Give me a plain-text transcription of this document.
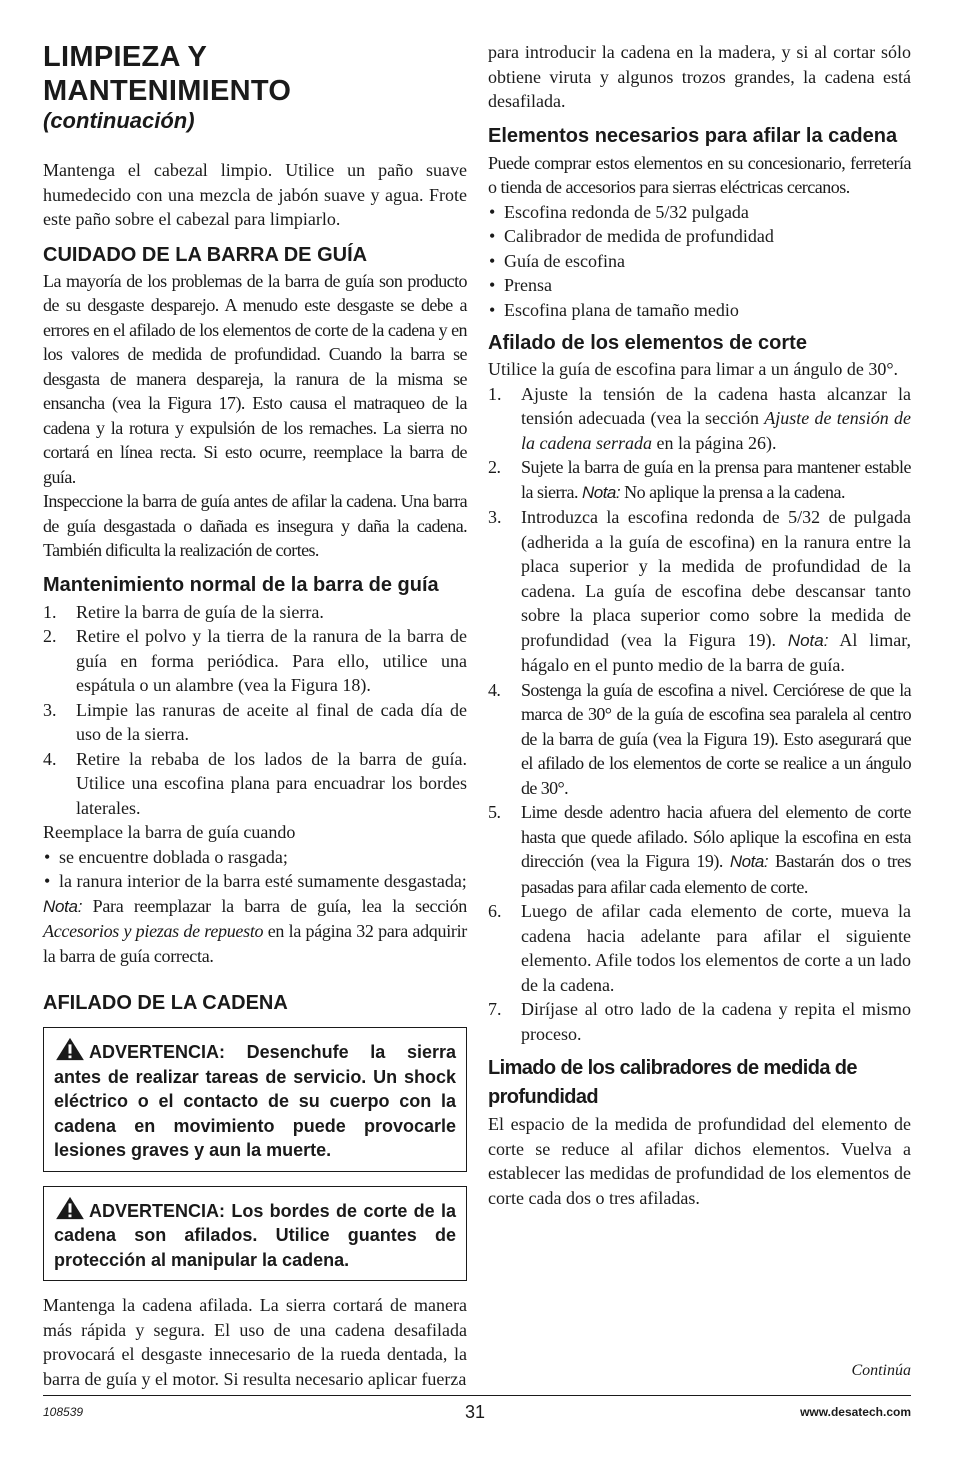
LIMPIEZA Y
MANTENIMIENTO
(continuación)

Mantenga el cabezal limpio. Utilice un paño suave humedecido con una mezcla de jabón suave y agua. Frote este paño sobre el cabezal para limpiarlo.

CUIDADO DE LA BARRA DE GUÍA

La mayoría de los problemas de la barra de guía son producto de su desgaste desparejo. A menudo este desgaste se debe a errores en el afilado de los elementos de corte de la cadena y en los valores de medida de profundidad. Cuando la barra se desgasta de manera despareja, la ranura de la misma se ensancha (vea la Figura 17). Esto causa el matraqueo de la cadena y la rotura y expulsión de los remaches. La sierra no cortará en línea recta. Si esto ocurre, reemplace la barra de guía.

Inspeccione la barra de guía antes de afilar la cadena. Una barra de guía desgastada o dañada es insegura y daña la cadena. También dificulta la realización de cortes.

Mantenimiento normal de la barra de guía
1. Retire la barra de guía de la sierra.
2. Retire el polvo y la tierra de la ranura de la barra de guía en forma periódica. Para ello, utilice una espátula o un alambre (vea la Figura 18).
3. Limpie las ranuras de aceite al final de cada día de uso de la sierra.
4. Retire la rebaba de los lados de la barra de guía. Utilice una escofina plana para encuadrar los bordes laterales.

Reemplace la barra de guía cuando

• se encuentre doblada o rasgada;
• la ranura interior de la barra esté sumamente desgastada;

Nota: Para reemplazar la barra de guía, lea la sección Accesorios y piezas de repuesto en la página 32 para adquirir la barra de guía correcta.

AFILADO DE LA CADENA
ADVERTENCIA: Desenchufe la sierra antes de realizar tareas de servicio. Un shock eléctrico o el contacto de su cuerpo con la cadena en movimiento puede provocarle lesiones graves y aun la muerte.
ADVERTENCIA: Los bordes de corte de la cadena son afilados. Utilice guantes de protección al manipular la cadena.

Mantenga la cadena afilada. La sierra cortará de manera más rápida y segura. El uso de una cadena desafilada provocará el desgaste innecesario de la rueda dentada, la barra de guía y el motor. Si resulta necesario aplicar fuerza

para introducir la cadena en la madera, y si al cortar sólo obtiene viruta y algunos trozos grandes, la cadena está desafilada.

Elementos necesarios para afilar la cadena

Puede comprar estos elementos en su concesionario, ferretería o tienda de accesorios para sierras eléctricas cercanos.

• Escofina redonda de 5/32 pulgada
• Calibrador de medida de profundidad
• Guía de escofina
• Prensa
• Escofina plana de tamaño medio
Afilado de los elementos de corte

Utilice la guía de escofina para limar a un ángulo de 30°.

1. Ajuste la tensión de la cadena hasta alcanzar la tensión adecuada (vea la sección Ajuste de tensión de la cadena serrada en la página 26).
2. Sujete la barra de guía en la prensa para mantener estable la sierra. Nota: No aplique la prensa a la cadena.
3. Introduzca la escofina redonda de 5/32 de pulgada (adherida a la guía de escofina) en la ranura entre la placa superior y la medida de profundidad de la cadena. La guía de escofina debe descansar tanto sobre la placa superior como sobre la medida de profundidad (vea la Figura 19). Nota: Al limar, hágalo en el punto medio de la barra de guía.
4. Sostenga la guía de escofina a nivel. Cerciórese de que la marca de 30° de la guía de escofina sea paralela al centro de la barra de guía (vea la Figura 19). Esto asegurará que el afilado de los elementos de corte se realice a un ángulo de 30°.
5. Lime desde adentro hacia afuera del elemento de corte hasta que quede afilado. Sólo aplique la escofina en esta dirección (vea la Figura 19). Nota: Bastarán dos o tres pasadas para afilar cada elemento de corte.
6. Luego de afilar cada elemento de corte, mueva la cadena hacia adelante para afilar el siguiente elemento. Afile todos los elementos de corte a un lado de la cadena.
7. Diríjase al otro lado de la cadena y repita el mismo proceso.
Limado de los calibradores de medida de profundidad

El espacio de la medida de profundidad del elemento de corte se reduce al afilar dichos elementos. Vuelva a establecer las medidas de profundidad de los elementos de corte cada dos o tres afiladas.

Continúa
108539	31	www.desatech.com
